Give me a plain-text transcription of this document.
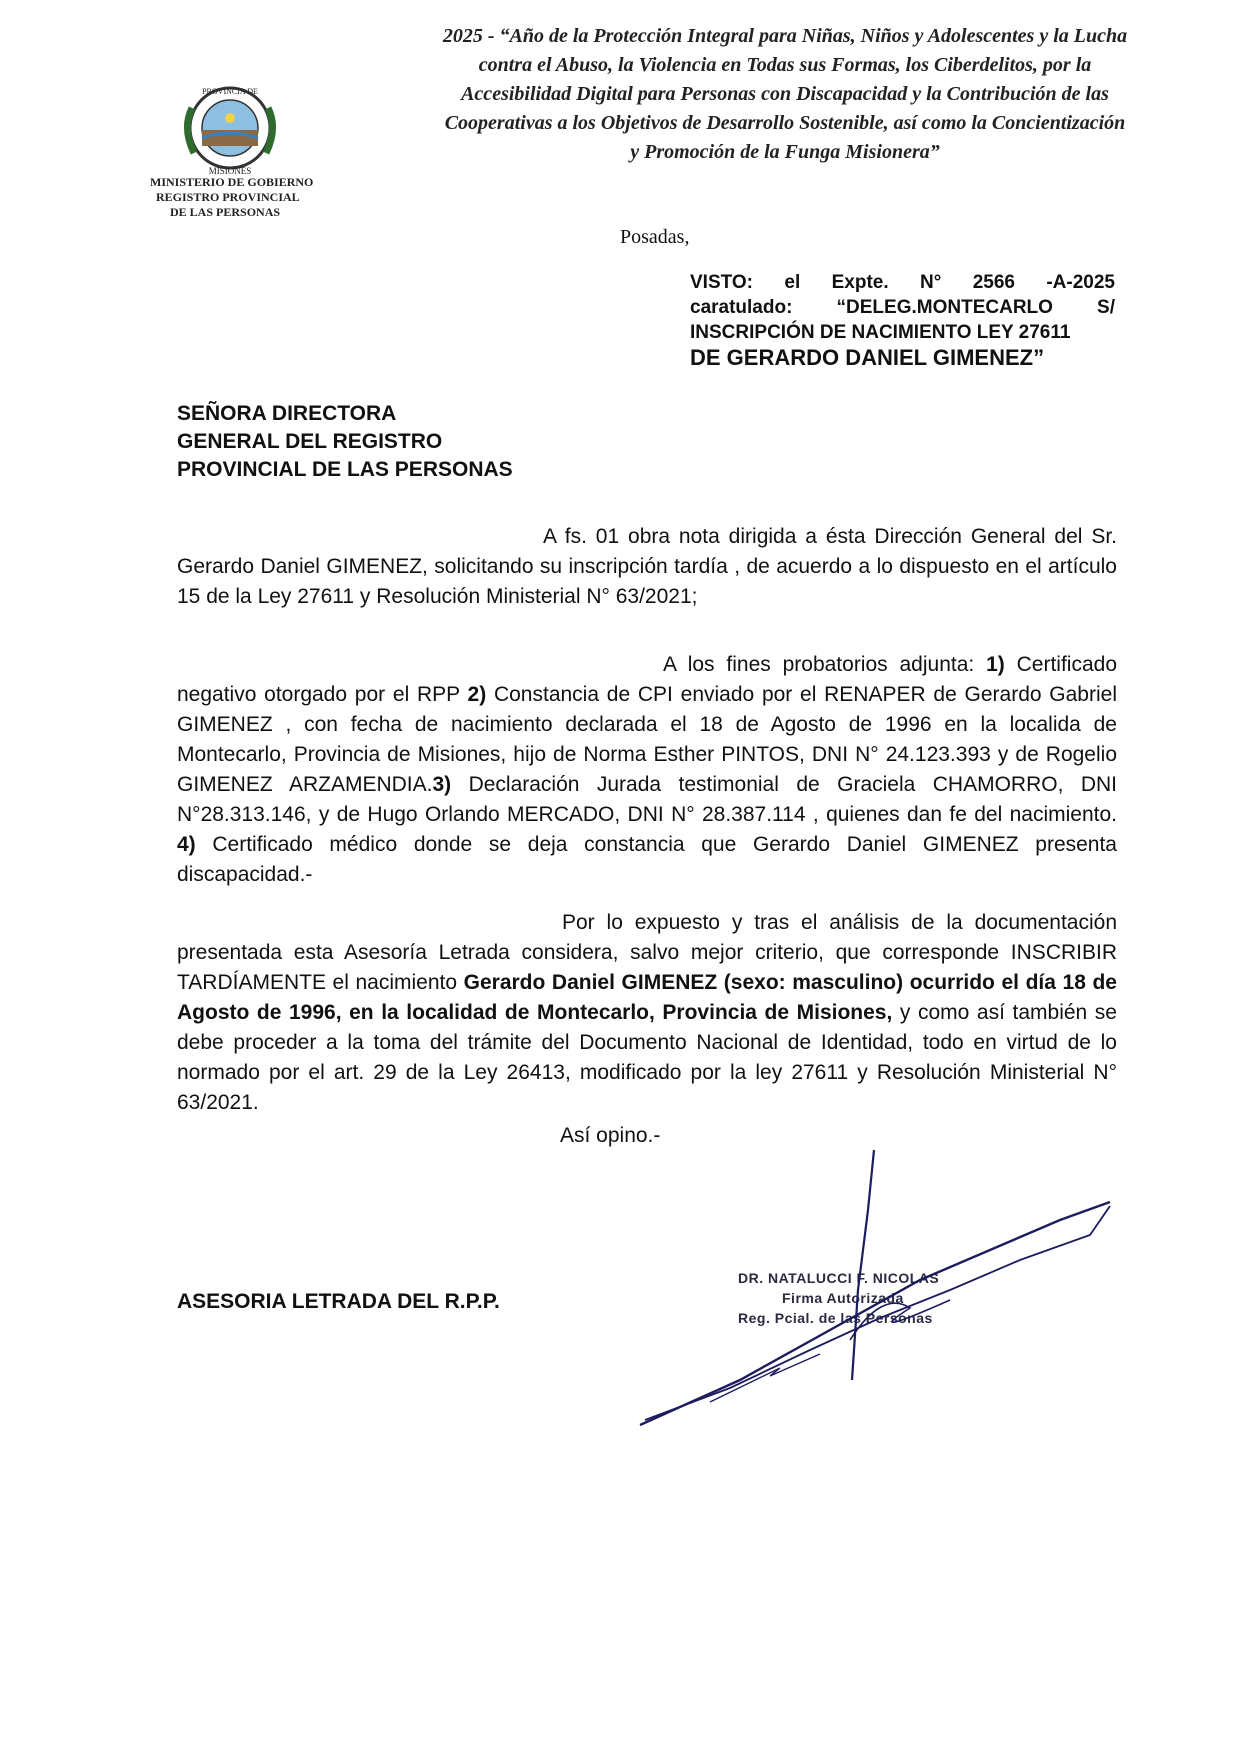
2025 - “Año de la Protección Integral para Niñas, Niños y Adolescentes y la Lucha contra el Abuso, la Violencia en Todas sus Formas, los Ciberdelitos, por la Accesibilidad Digital para Personas con Discapacidad y la Contribución de las Cooperativas a los Objetivos de Desarrollo Sostenible, así como la Concientización y Promoción de la Funga Misionera”
PROVINCIA DE
MISIONES
MINISTERIO DE GOBIERNO
REGISTRO PROVINCIAL
DE LAS PERSONAS
Posadas,
VISTO: el Expte. N° 2566 -A-2025
caratulado: “DELEG.MONTECARLO S/
INSCRIPCIÓN DE NACIMIENTO LEY 27611
DE GERARDO DANIEL GIMENEZ”
SEÑORA DIRECTORA
GENERAL DEL REGISTRO
PROVINCIAL DE LAS PERSONAS
A fs. 01 obra nota dirigida a ésta Dirección General del Sr. Gerardo Daniel GIMENEZ, solicitando su inscripción tardía , de acuerdo a lo dispuesto en el artículo 15 de la Ley 27611 y Resolución Ministerial N° 63/2021;
A los fines probatorios adjunta: 1) Certificado negativo otorgado por el RPP 2) Constancia de CPI enviado por el RENAPER de Gerardo Gabriel GIMENEZ , con fecha de nacimiento declarada el 18 de Agosto de 1996 en la localida de Montecarlo, Provincia de Misiones, hijo de Norma Esther PINTOS, DNI N° 24.123.393 y de Rogelio GIMENEZ ARZAMENDIA.3) Declaración Jurada testimonial de Graciela CHAMORRO, DNI N°28.313.146, y de Hugo Orlando MERCADO, DNI N° 28.387.114 , quienes dan fe del nacimiento. 4) Certificado médico donde se deja constancia que Gerardo Daniel GIMENEZ presenta discapacidad.-
Por lo expuesto y tras el análisis de la documentación presentada esta Asesoría Letrada considera, salvo mejor criterio, que corresponde INSCRIBIR TARDÍAMENTE el nacimiento Gerardo Daniel GIMENEZ (sexo: masculino) ocurrido el día 18 de Agosto de 1996, en la localidad de Montecarlo, Provincia de Misiones, y como así también se debe proceder a la toma del trámite del Documento Nacional de Identidad, todo en virtud de lo normado por el art. 29 de la Ley 26413, modificado por la ley 27611 y Resolución Ministerial N° 63/2021.
Así opino.-
ASESORIA LETRADA DEL R.P.P.
DR. NATALUCCI F. NICOLAS
Firma Autorizada
Reg. Pcial. de las Personas
